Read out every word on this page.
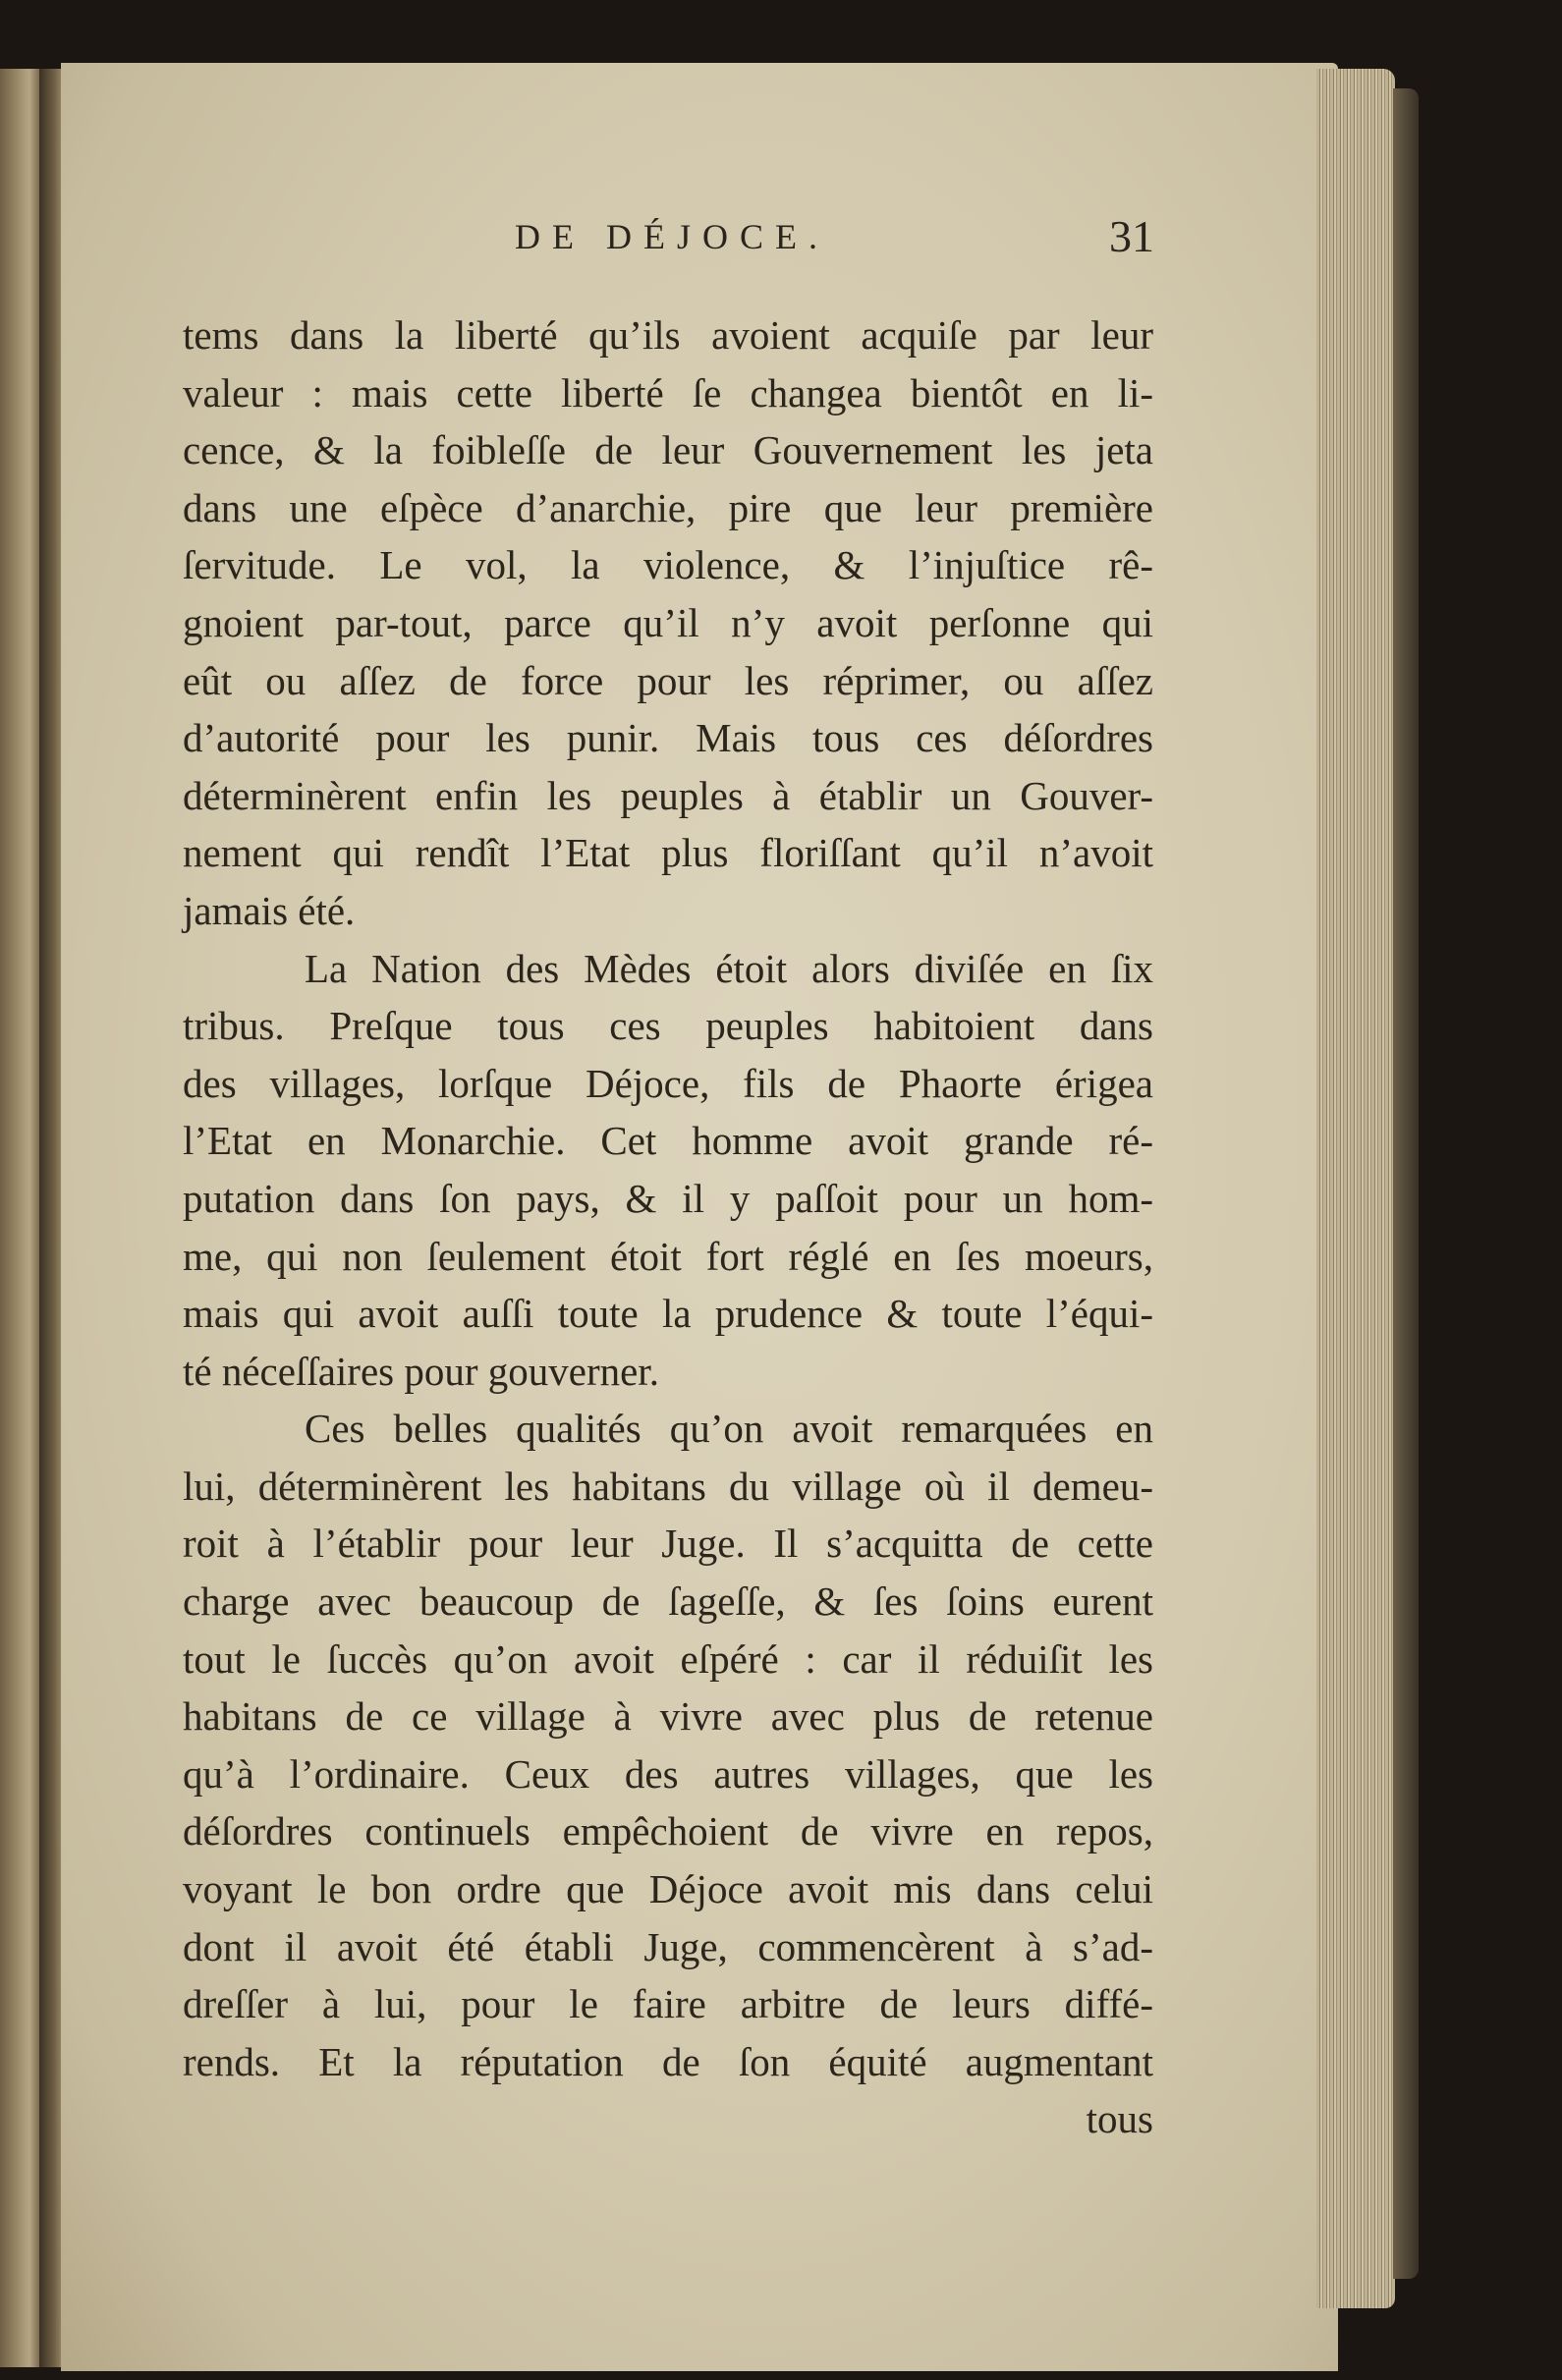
DE DÉJOCE.	31
tems dans la liberté qu’ils avoient acquiſe par leur
valeur : mais cette liberté ſe changea bientôt en li-
cence, & la foibleſſe de leur Gouvernement les jeta
dans une eſpèce d’anarchie, pire que leur première
ſervitude. Le vol, la violence, & l’injuſtice rê-
gnoient par-tout, parce qu’il n’y avoit perſonne qui
eût ou aſſez de force pour les réprimer, ou aſſez
d’autorité pour les punir. Mais tous ces déſordres
déterminèrent enfin les peuples à établir un Gouver-
nement qui rendît l’Etat plus floriſſant qu’il n’avoit
jamais été.
La Nation des Mèdes étoit alors diviſée en ſix
tribus. Preſque tous ces peuples habitoient dans
des villages, lorſque Déjoce, fils de Phaorte érigea
l’Etat en Monarchie. Cet homme avoit grande ré-
putation dans ſon pays, & il y paſſoit pour un hom-
me, qui non ſeulement étoit fort réglé en ſes moeurs,
mais qui avoit auſſi toute la prudence & toute l’équi-
té néceſſaires pour gouverner.
Ces belles qualités qu’on avoit remarquées en
lui, déterminèrent les habitans du village où il demeu-
roit à l’établir pour leur Juge. Il s’acquitta de cette
charge avec beaucoup de ſageſſe, & ſes ſoins eurent
tout le ſuccès qu’on avoit eſpéré : car il réduiſit les
habitans de ce village à vivre avec plus de retenue
qu’à l’ordinaire. Ceux des autres villages, que les
déſordres continuels empêchoient de vivre en repos,
voyant le bon ordre que Déjoce avoit mis dans celui
dont il avoit été établi Juge, commencèrent à s’ad-
dreſſer à lui, pour le faire arbitre de leurs diffé-
rends. Et la réputation de ſon équité augmentant
tous
